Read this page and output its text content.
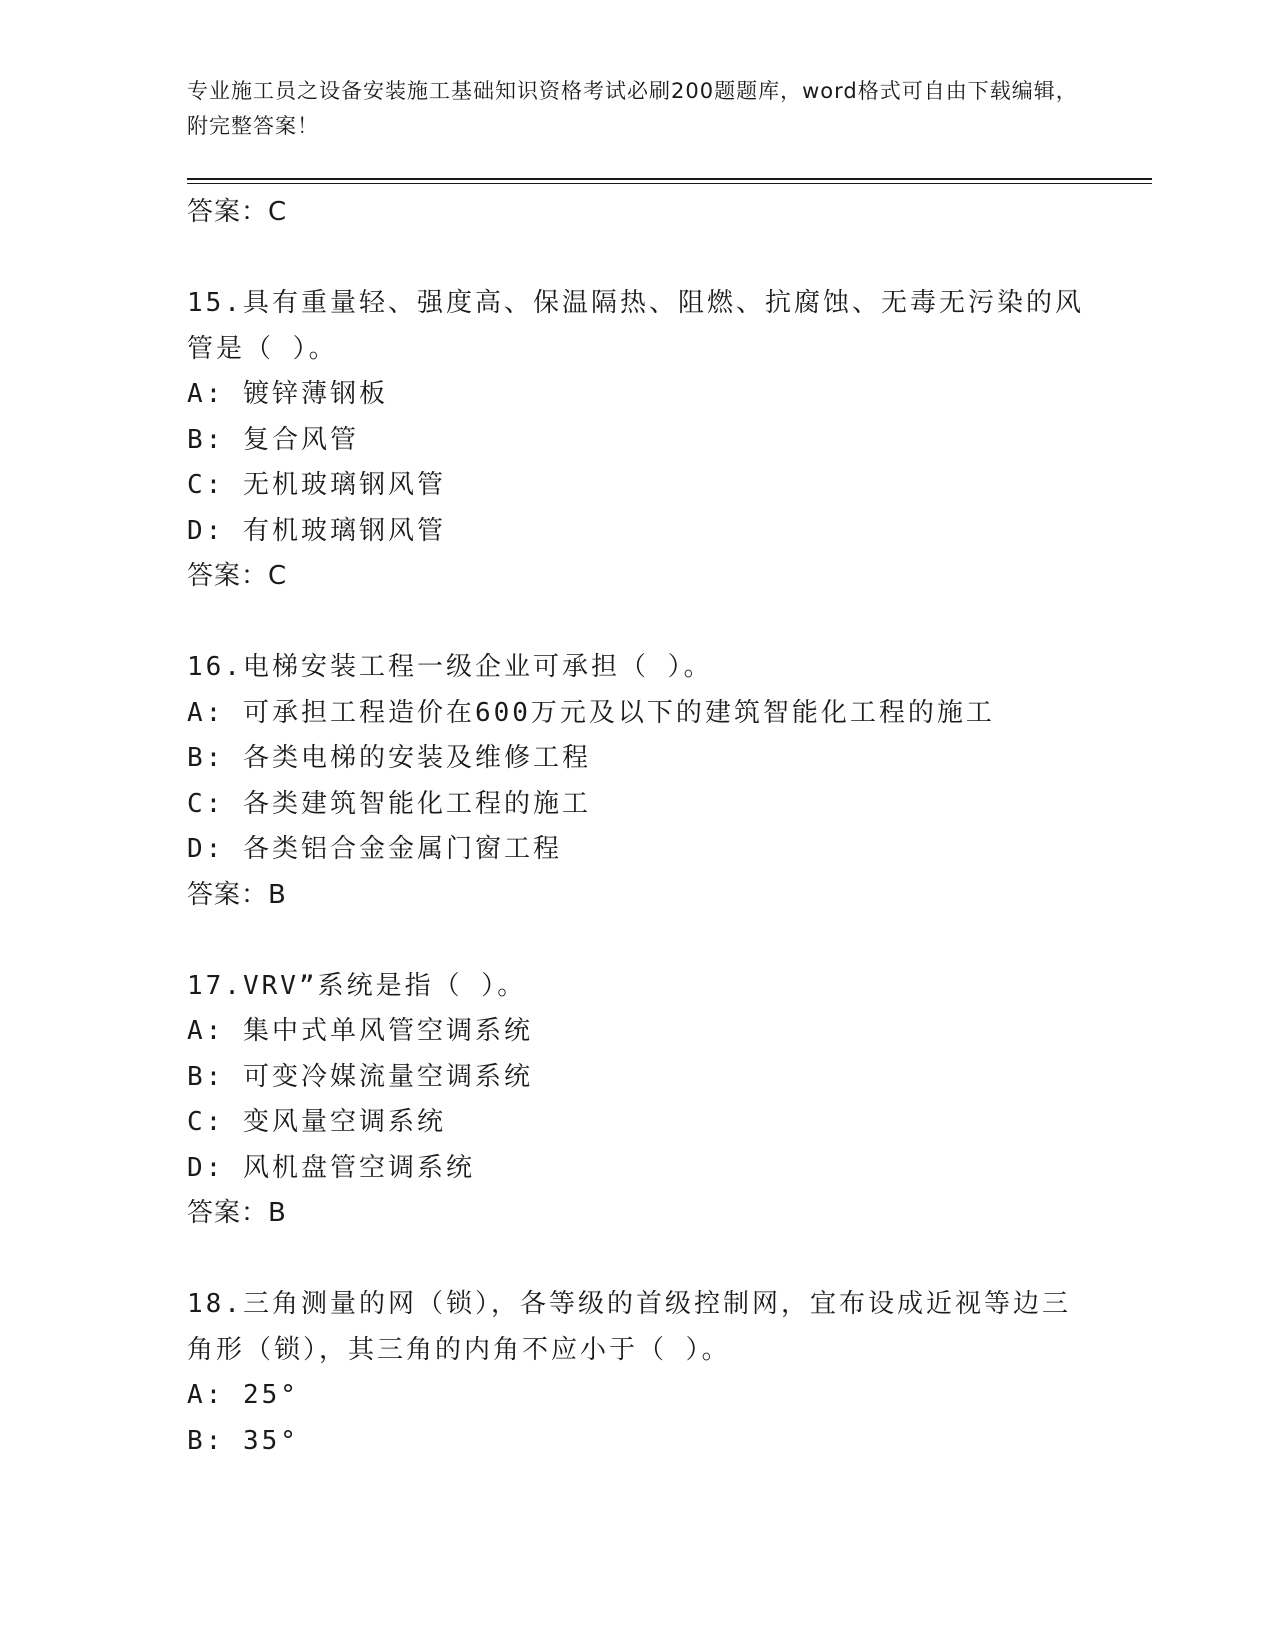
专业施工员之设备安装施工基础知识资格考试必刷200题题库，word格式可自由下载编辑，附完整答案！
答案：C
15.具有重量轻、强度高、保温隔热、阻燃、抗腐蚀、无毒无污染的风管是（ ）。
A: 镀锌薄钢板
B: 复合风管
C: 无机玻璃钢风管
D: 有机玻璃钢风管
答案：C
16.电梯安装工程一级企业可承担（ ）。
A: 可承担工程造价在600万元及以下的建筑智能化工程的施工
B: 各类电梯的安装及维修工程
C: 各类建筑智能化工程的施工
D: 各类铝合金金属门窗工程
答案：B
17.VRV”系统是指（ ）。
A: 集中式单风管空调系统
B: 可变冷媒流量空调系统
C: 变风量空调系统
D: 风机盘管空调系统
答案：B
18.三角测量的网（锁），各等级的首级控制网，宜布设成近视等边三角形（锁），其三角的内角不应小于（ ）。
A: 25°
B: 35°
